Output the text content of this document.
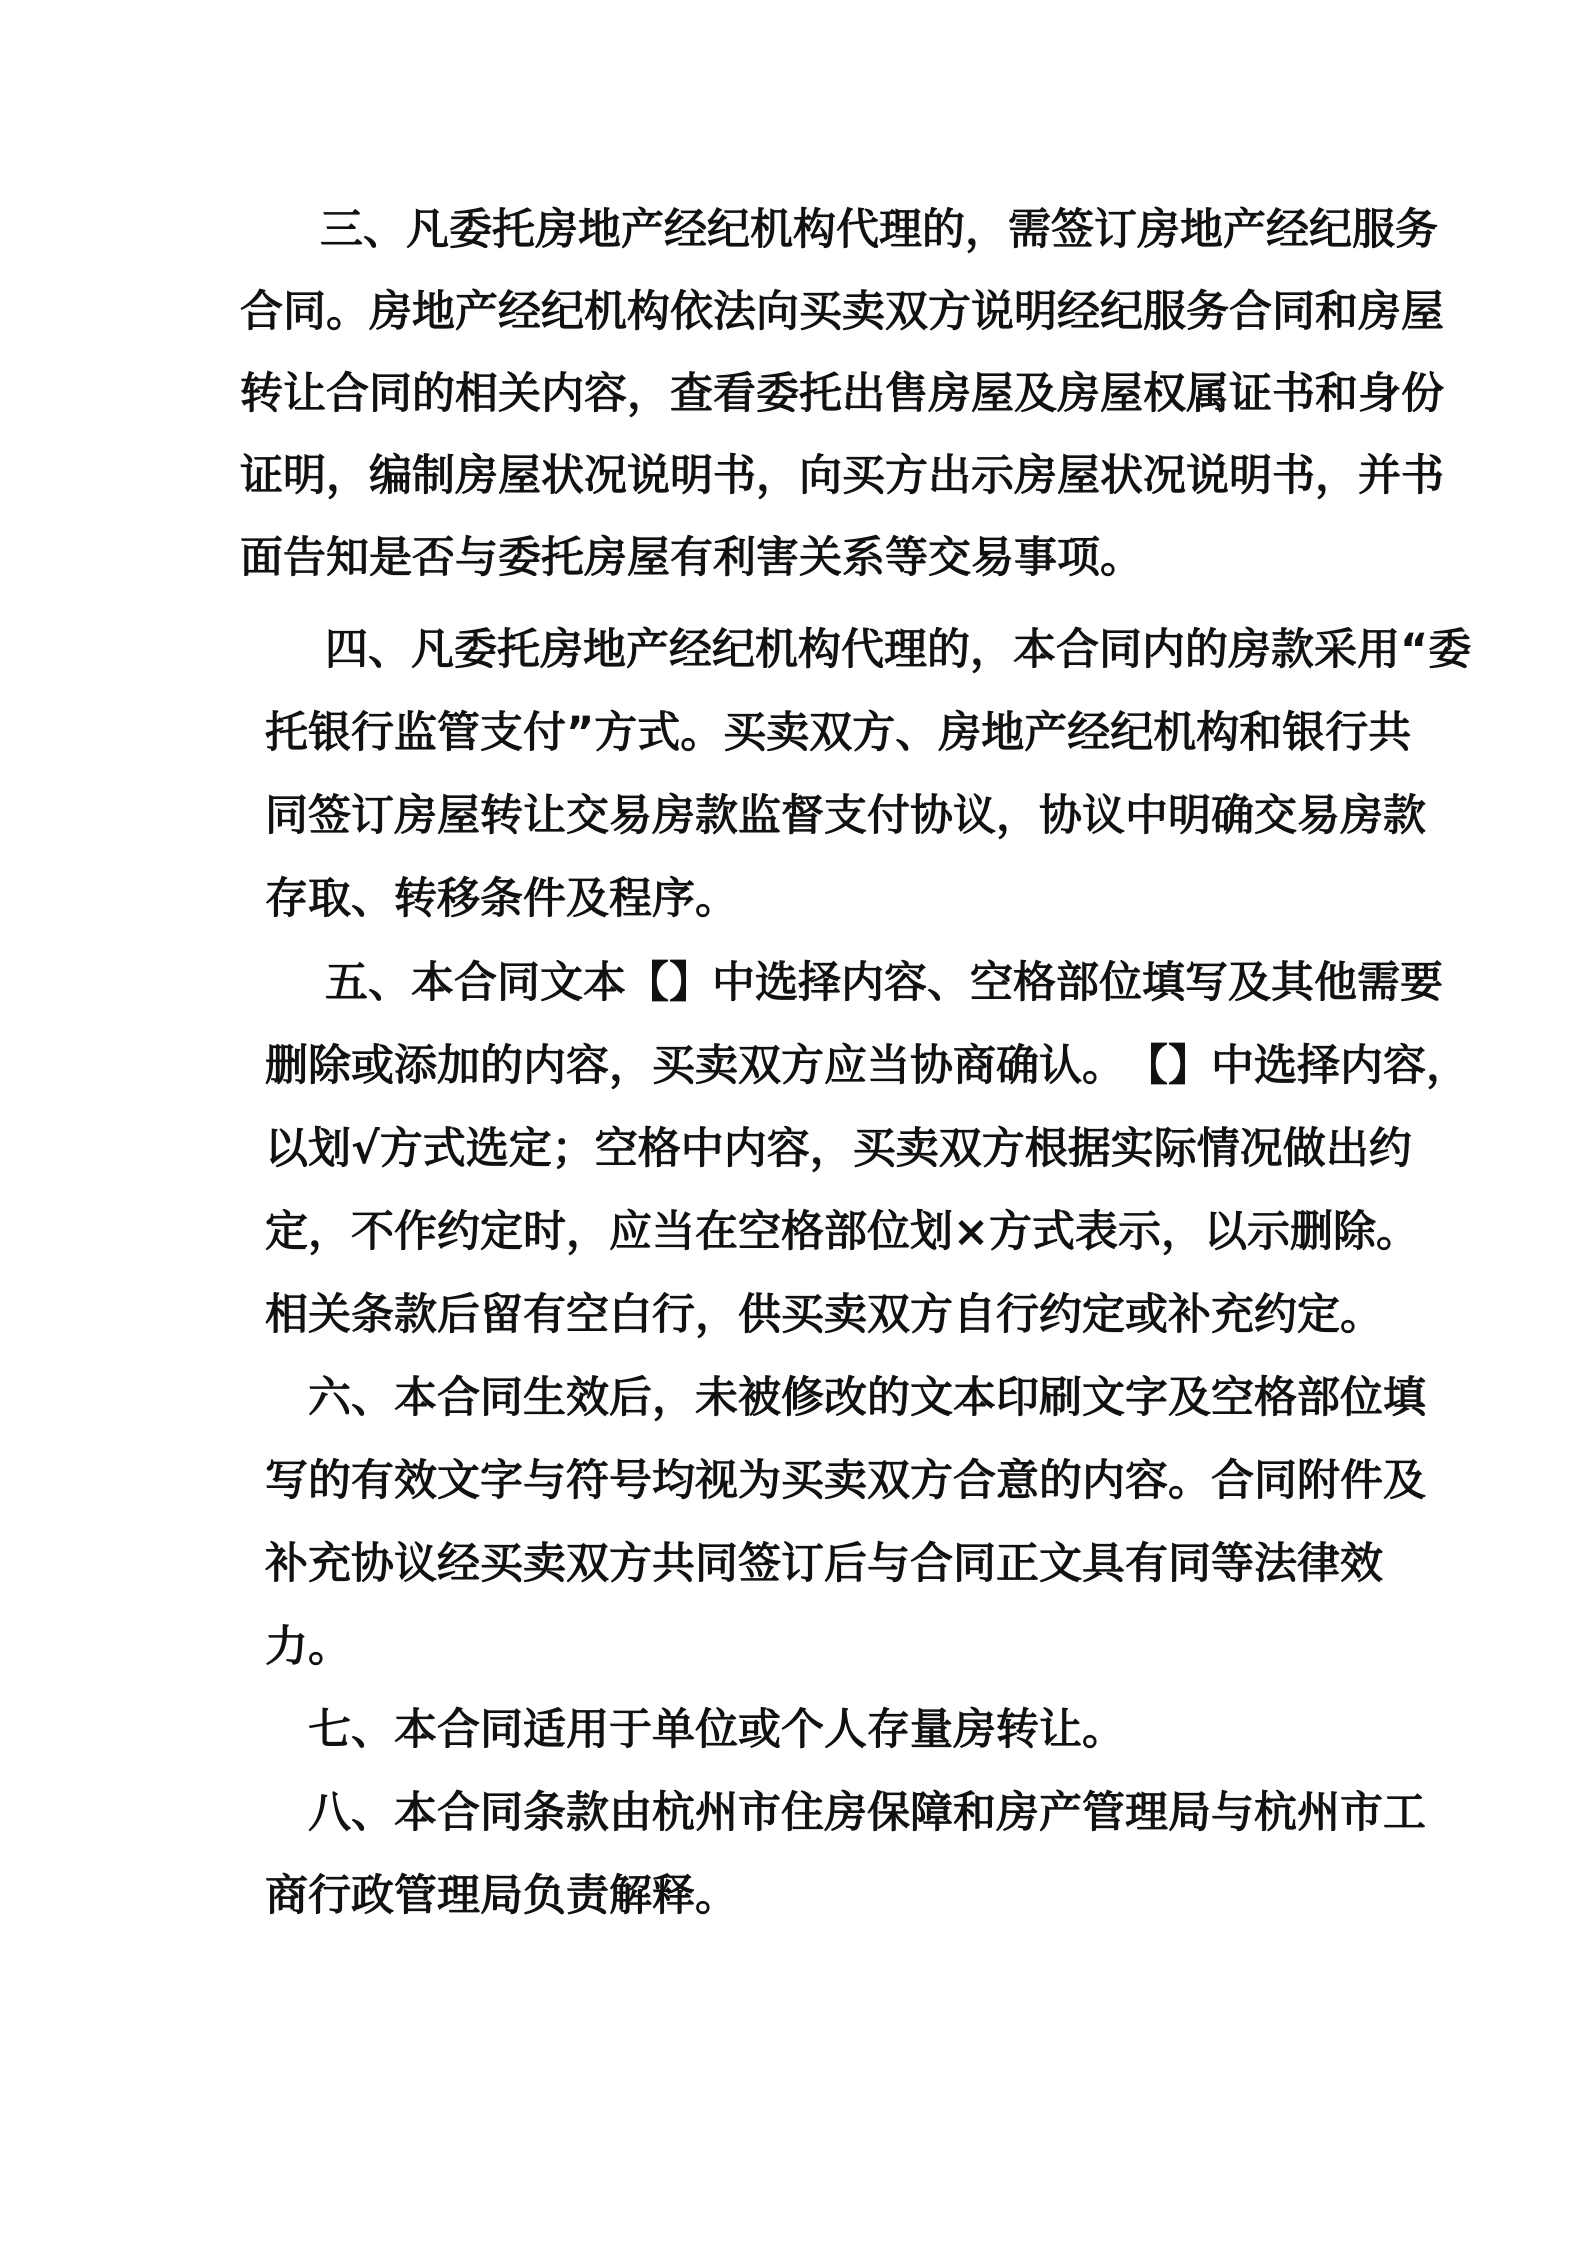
三 、 凡 委 托 房 地 产 经 纪 机 构 代 理 的 ， 需 签 订 房 地 产 经 纪 服 务
合 同 。 房 地 产 经 纪 机 构 依 法 向 买 卖 双 方 说 明 经 纪 服 务 合 同 和 房 屋
转 让 合 同 的 相 关 内 容 ， 查 看 委 托 出 售 房 屋 及 房 屋 权 属 证 书 和 身 份
证 明 ， 编 制 房 屋 状 况 说 明 书 ， 向 买 方 出 示 房 屋 状 况 说 明 书 ， 并 书
面告知是否与委托房屋有利害关系等交易事项。
四 、 凡 委 托 房 地 产 经 纪 机 构 代 理 的 ， 本 合 同 内 的 房 款 采 用 “ 委
托 银 行 监 管 支 付 ” 方 式 。 买 卖 双 方 、 房 地 产 经 纪 机 构 和 银 行 共
同 签 订 房 屋 转 让 交 易 房 款 监 督 支 付 协 议 ， 协 议 中 明 确 交 易 房 款
存取、转移条件及程序。
五 、 本 合 同 文 本 【 】 中 选 择 内 容 、 空 格 部 位 填 写 及 其 他 需 要
删 除 或 添 加 的 内 容 ， 买 卖 双 方 应 当 协 商 确 认 。 【 】 中 选 择 内 容 ，
以 划 √ 方 式 选 定 ； 空 格 中 内 容 ， 买 卖 双 方 根 据 实 际 情 况 做 出 约
定 ， 不 作 约 定 时 ， 应 当 在 空 格 部 位 划 × 方 式 表 示 ， 以 示 删 除 。
相关条款后留有空白行，供买卖双方自行约定或补充约定。
六 、 本 合 同 生 效 后 ， 未 被 修 改 的 文 本 印 刷 文 字 及 空 格 部 位 填
写 的 有 效 文 字 与 符 号 均 视 为 买 卖 双 方 合 意 的 内 容 。 合 同 附 件 及
补 充 协 议 经 买 卖 双 方 共 同 签 订 后 与 合 同 正 文 具 有 同 等 法 律 效
力。
七、本合同适用于单位或个人存量房转让。
八 、 本 合 同 条 款 由 杭 州 市 住 房 保 障 和 房 产 管 理 局 与 杭 州 市 工
商行政管理局负责解释。
